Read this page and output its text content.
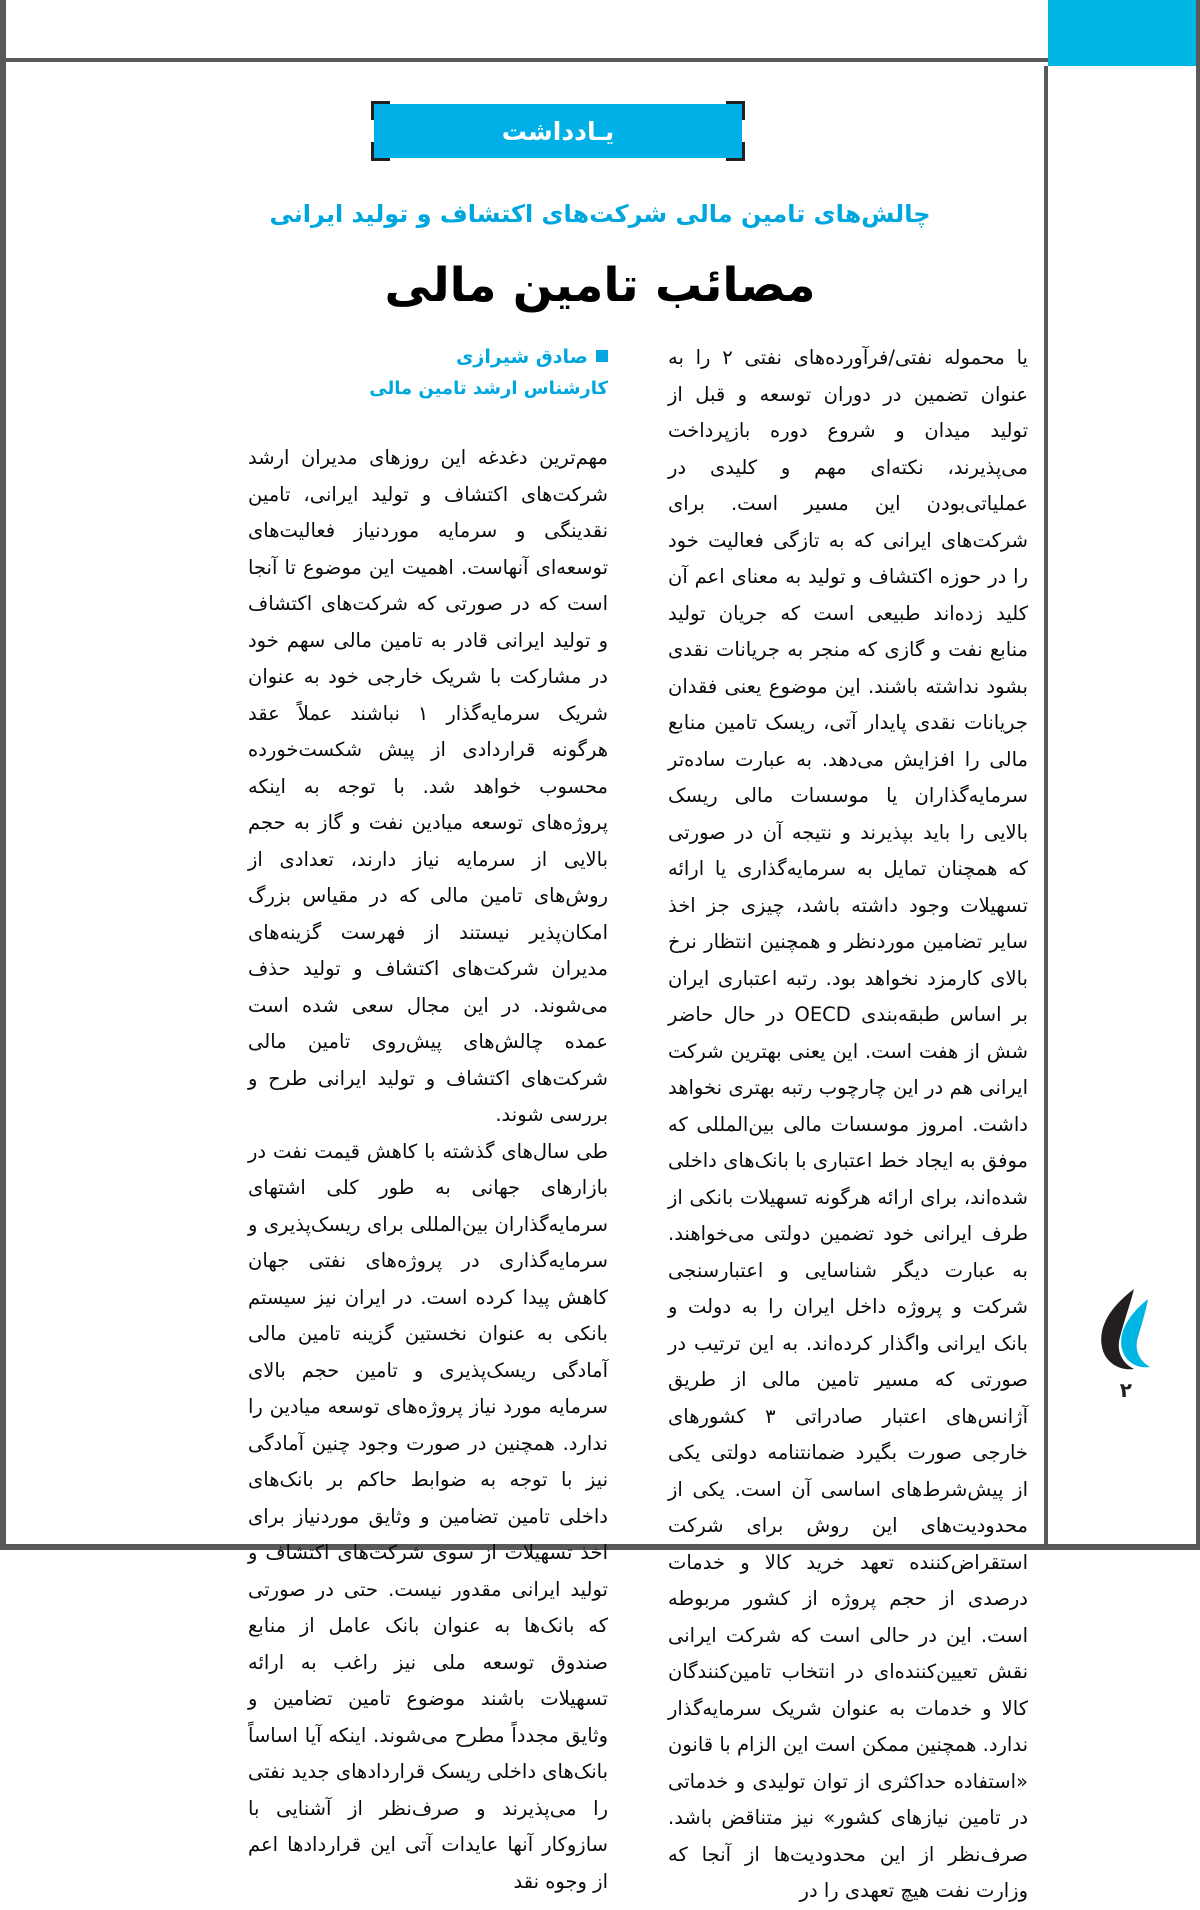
یـادداشت
چالش‌های تامین مالی شرکت‌های اکتشاف و تولید ایرانی
مصائب تامین مالی
صادق شیرازی
کارشناس ارشد تامین مالی

مهم‌ترین دغدغه این روزهای مدیران ارشد شرکت‌های اکتشاف و تولید ایرانی، تامین نقدینگی و سرمایه موردنیاز فعالیت‌های توسعه‌ای آنهاست. اهمیت این موضوع تا آنجا است که در صورتی که شرکت‌های اکتشاف و تولید ایرانی قادر به تامین مالی سهم خود در مشارکت با شریک خارجی خود به عنوان شریک سرمایه‌گذار ۱ نباشند عملاً عقد هرگونه قراردادی از پیش شکست‌خورده محسوب خواهد شد. با توجه به اینکه پروژه‌های توسعه میادین نفت و گاز به حجم بالایی از سرمایه نیاز دارند، تعدادی از روش‌های تامین مالی که در مقیاس بزرگ امکان‌پذیر نیستند از فهرست گزینه‌های مدیران شرکت‌های اکتشاف و تولید حذف می‌شوند. در این مجال سعی شده است عمده چالش‌های پیش‌روی تامین مالی شرکت‌های اکتشاف و تولید ایرانی طرح و بررسی شوند.

طی سال‌های گذشته با کاهش قیمت نفت در بازارهای جهانی به طور کلی اشتهای سرمایه‌گذاران بین‌المللی برای ریسک‌پذیری و سرمایه‌گذاری در پروژه‌های نفتی جهان کاهش پیدا کرده است. در ایران نیز سیستم بانکی به عنوان نخستین گزینه تامین مالی آمادگی ریسک‌پذیری و تامین حجم بالای سرمایه مورد نیاز پروژه‌های توسعه میادین را ندارد. همچنین در صورت وجود چنین آمادگی نیز با توجه به ضوابط حاکم بر بانک‌های داخلی تامین تضامین و وثایق موردنیاز برای اخذ تسهیلات از سوی شرکت‌های اکتشاف و تولید ایرانی مقدور نیست. حتی در صورتی که بانک‌ها به عنوان بانک عامل از منابع صندوق توسعه ملی نیز راغب به ارائه تسهیلات باشند موضوع تامین تضامین و وثایق مجدداً مطرح می‌شوند. اینکه آیا اساساً بانک‌های داخلی ریسک قراردادهای جدید نفتی را می‌پذیرند و صرف‌نظر از آشنایی با سازوکار آنها عایدات آتی این قراردادها اعم از وجوه نقد

یا محموله نفتی/فرآورده‌های نفتی ۲ را به عنوان تضمین در دوران توسعه و قبل از تولید میدان و شروع دوره بازپرداخت می‌پذیرند، نکته‌ای مهم و کلیدی در عملیاتی‌بودن این مسیر است. برای شرکت‌های ایرانی که به تازگی فعالیت خود را در حوزه اکتشاف و تولید به معنای اعم آن کلید زده‌اند طبیعی است که جریان تولید منابع نفت و گازی که منجر به جریانات نقدی بشود نداشته باشند. این موضوع یعنی فقدان جریانات نقدی پایدار آتی، ریسک تامین منابع مالی را افزایش می‌دهد. به عبارت ساده‌تر سرمایه‌گذاران یا موسسات مالی ریسک بالایی را باید بپذیرند و نتیجه آن در صورتی که همچنان تمایل به سرمایه‌گذاری یا ارائه تسهیلات وجود داشته باشد، چیزی جز اخذ سایر تضامین موردنظر و همچنین انتظار نرخ بالای کارمزد نخواهد بود. رتبه اعتباری ایران بر اساس طبقه‌بندی OECD در حال حاضر شش از هفت است. این یعنی بهترین شرکت ایرانی هم در این چارچوب رتبه بهتری نخواهد داشت. امروز موسسات مالی بین‌المللی که موفق به ایجاد خط اعتباری با بانک‌های داخلی شده‌اند، برای ارائه هرگونه تسهیلات بانکی از طرف ایرانی خود تضمین دولتی می‌خواهند. به عبارت دیگر شناسایی و اعتبارسنجی شرکت و پروژه داخل ایران را به دولت و بانک ایرانی واگذار کرده‌اند. به این ترتیب در صورتی که مسیر تامین مالی از طریق آژانس‌های اعتبار صادراتی ۳ کشورهای خارجی صورت بگیرد ضمانتنامه دولتی یکی از پیش‌شرط‌های اساسی آن است. یکی از محدودیت‌های این روش برای شرکت استقراض‌کننده تعهد خرید کالا و خدمات درصدی از حجم پروژه از کشور مربوطه است. این در حالی است که شرکت ایرانی نقش تعیین‌کننده‌ای در انتخاب تامین‌کنندگان کالا و خدمات به عنوان شریک سرمایه‌گذار ندارد. همچنین ممکن است این الزام با قانون «استفاده حداکثری از توان تولیدی و خدماتی در تامین نیازهای کشور» نیز متناقض باشد. صرف‌نظر از این محدودیت‌ها از آنجا که وزارت نفت هیچ تعهدی را در

۲
